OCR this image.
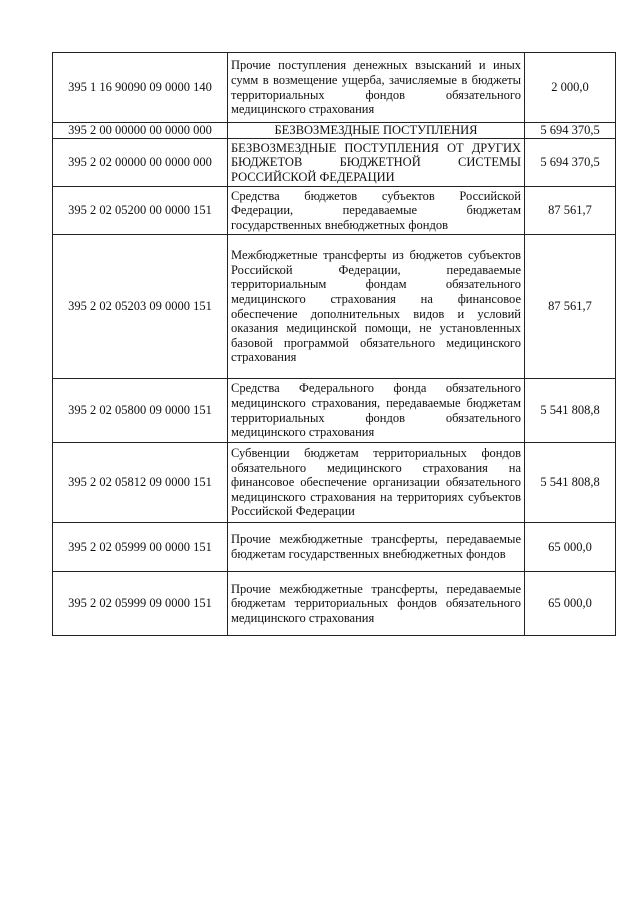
395 1 16 90090 09 0000 140	Прочие поступления денежных взысканий и иных сумм в возмещение ущерба, зачисляемые в бюджеты территориальных фондов обязательного медицинского страхования	2 000,0
395 2 00 00000 00 0000 000	БЕЗВОЗМЕЗДНЫЕ ПОСТУПЛЕНИЯ	5 694 370,5
395 2 02 00000 00 0000 000	БЕЗВОЗМЕЗДНЫЕ ПОСТУПЛЕНИЯ ОТ ДРУГИХ БЮДЖЕТОВ БЮДЖЕТНОЙ СИСТЕМЫ РОССИЙСКОЙ ФЕДЕРАЦИИ	5 694 370,5
395 2 02 05200 00 0000 151	Средства бюджетов субъектов Российской Федерации, передаваемые бюджетам государственных внебюджетных фондов	87 561,7
395 2 02 05203 09 0000 151	Межбюджетные трансферты из бюджетов субъектов Российской Федерации, передаваемые территориальным фондам обязательного медицинского страхования на финансовое обеспечение дополнительных видов и условий оказания медицинской помощи, не установленных базовой программой обязательного медицинского страхования	87 561,7
395 2 02 05800 09 0000 151	Средства Федерального фонда обязательного медицинского страхования, передаваемые бюджетам территориальных фондов обязательного медицинского страхования	5 541 808,8
395 2 02 05812 09 0000 151	Субвенции бюджетам территориальных фондов обязательного медицинского страхования на финансовое обеспечение организации обязательного медицинского страхования на территориях субъектов Российской Федерации	5 541 808,8
395 2 02 05999 00 0000 151	Прочие межбюджетные трансферты, передаваемые бюджетам государственных внебюджетных фондов	65 000,0
395 2 02 05999 09 0000 151	Прочие межбюджетные трансферты, передаваемые бюджетам территориальных фондов обязательного медицинского страхования	65 000,0
